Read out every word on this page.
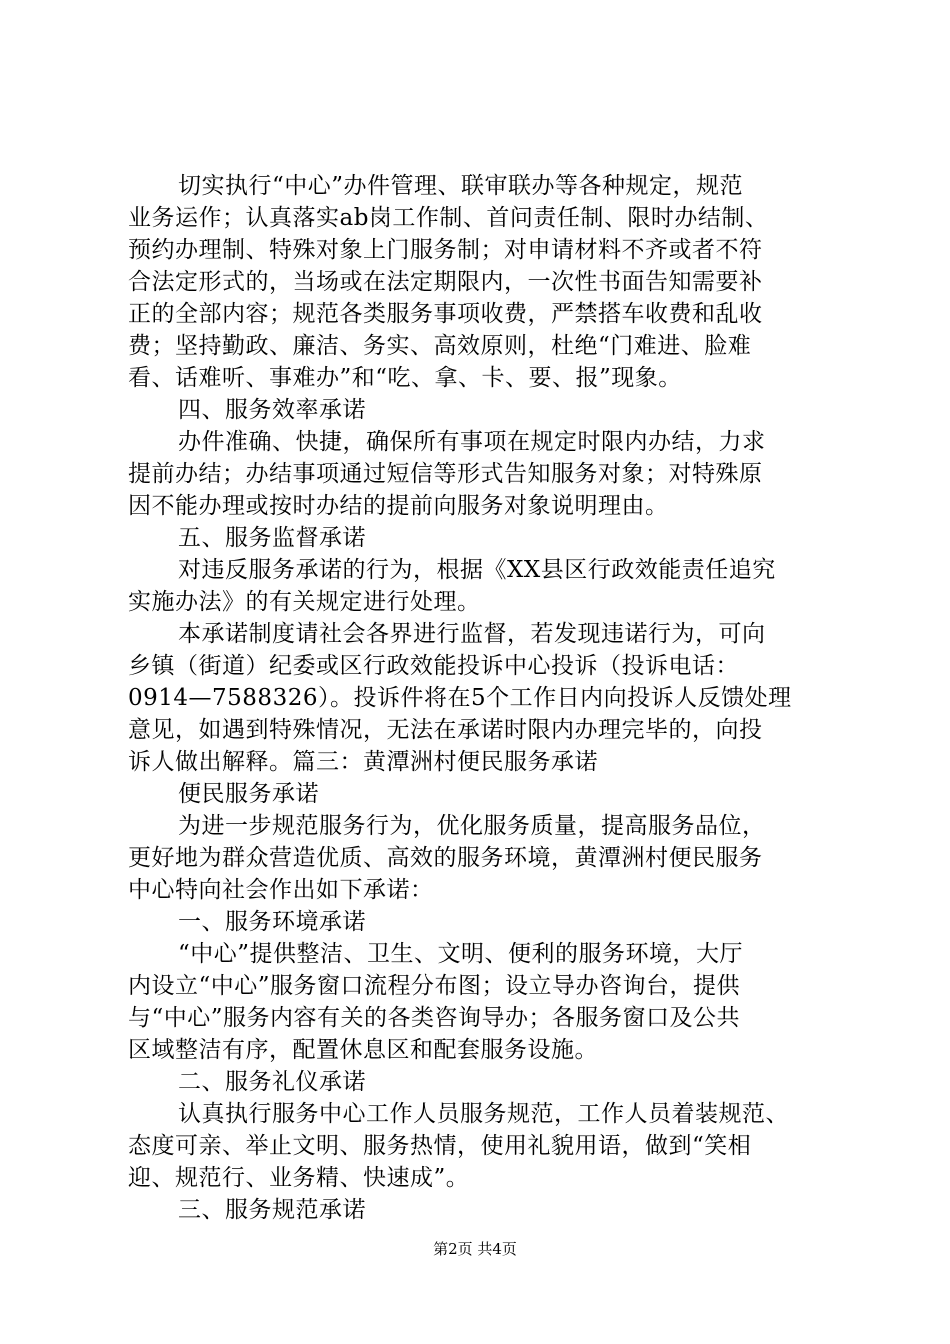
切实执行“中心”办件管理、联审联办等各种规定，规范
业务运作；认真落实ab岗工作制、首问责任制、限时办结制、
预约办理制、特殊对象上门服务制；对申请材料不齐或者不符
合法定形式的，当场或在法定期限内，一次性书面告知需要补
正的全部内容；规范各类服务事项收费，严禁搭车收费和乱收
费；坚持勤政、廉洁、务实、高效原则，杜绝“门难进、脸难
看、话难听、事难办”和“吃、拿、卡、要、报”现象。
四、服务效率承诺
办件准确、快捷，确保所有事项在规定时限内办结，力求
提前办结；办结事项通过短信等形式告知服务对象；对特殊原
因不能办理或按时办结的提前向服务对象说明理由。
五、服务监督承诺
对违反服务承诺的行为，根据《XX县区行政效能责任追究
实施办法》的有关规定进行处理。
本承诺制度请社会各界进行监督，若发现违诺行为，可向
乡镇（街道）纪委或区行政效能投诉中心投诉（投诉电话：
0914—7588326）。投诉件将在5个工作日内向投诉人反馈处理
意见，如遇到特殊情况，无法在承诺时限内办理完毕的，向投
诉人做出解释。篇三：黄潭洲村便民服务承诺
便民服务承诺
为进一步规范服务行为，优化服务质量，提高服务品位，
更好地为群众营造优质、高效的服务环境，黄潭洲村便民服务
中心特向社会作出如下承诺：
一、服务环境承诺
“中心”提供整洁、卫生、文明、便利的服务环境，大厅
内设立“中心”服务窗口流程分布图；设立导办咨询台，提供
与“中心”服务内容有关的各类咨询导办；各服务窗口及公共
区域整洁有序，配置休息区和配套服务设施。
二、服务礼仪承诺
认真执行服务中心工作人员服务规范，工作人员着装规范、
态度可亲、举止文明、服务热情，使用礼貌用语，做到“笑相
迎、规范行、业务精、快速成”。
三、服务规范承诺
第2页 共4页
